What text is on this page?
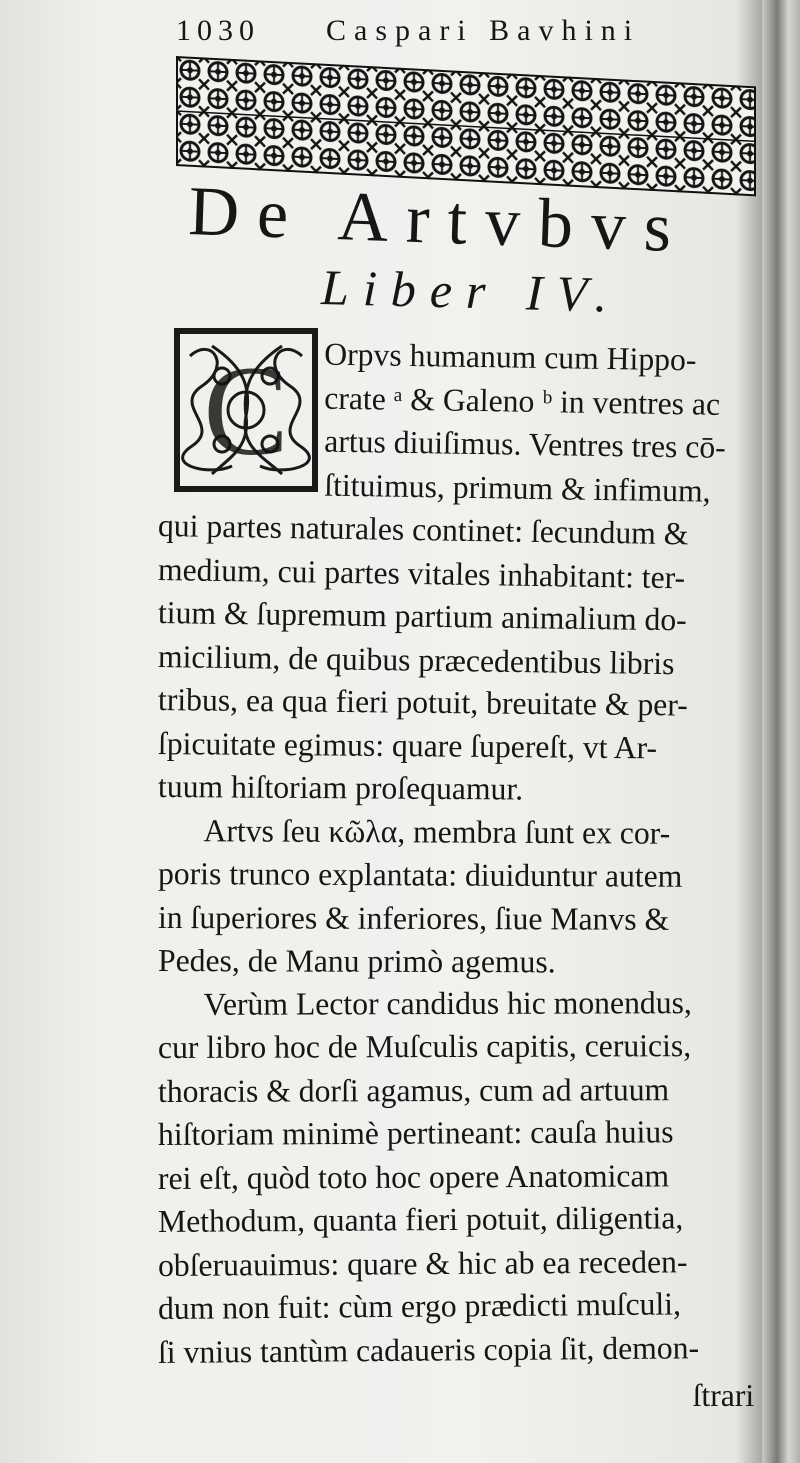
1030 Caspari Bavhini
De Artvbvs
Liber IV.
C	Orpvs humanum cum Hippo-
crate ᵃ & Galeno ᵇ in ventres ac
artus diuiſimus. Ventres tres cō-
ſtituimus, primum & infimum,
qui partes naturales continet: ſecundum &
medium, cui partes vitales inhabitant: ter-
tium & ſupremum partium animalium do-
micilium, de quibus præcedentibus libris
tribus, ea qua fieri potuit, breuitate & per-
ſpicuitate egimus: quare ſupereſt, vt Ar-
tuum hiſtoriam proſequamur.
Artvs ſeu κῶλα, membra ſunt ex cor-
poris trunco explantata: diuiduntur autem
in ſuperiores & inferiores, ſiue Manvs &
Pedes, de Manu primò agemus.
Verùm Lector candidus hic monendus,
cur libro hoc de Muſculis capitis, ceruicis,
thoracis & dorſi agamus, cum ad artuum
hiſtoriam minimè pertineant: cauſa huius
rei eſt, quòd toto hoc opere Anatomicam
Methodum, quanta fieri potuit, diligentia,
obſeruauimus: quare & hic ab ea receden-
dum non fuit: cùm ergo prædicti muſculi,
ſi vnius tantùm cadaueris copia ſit, demon-
ſtrari
